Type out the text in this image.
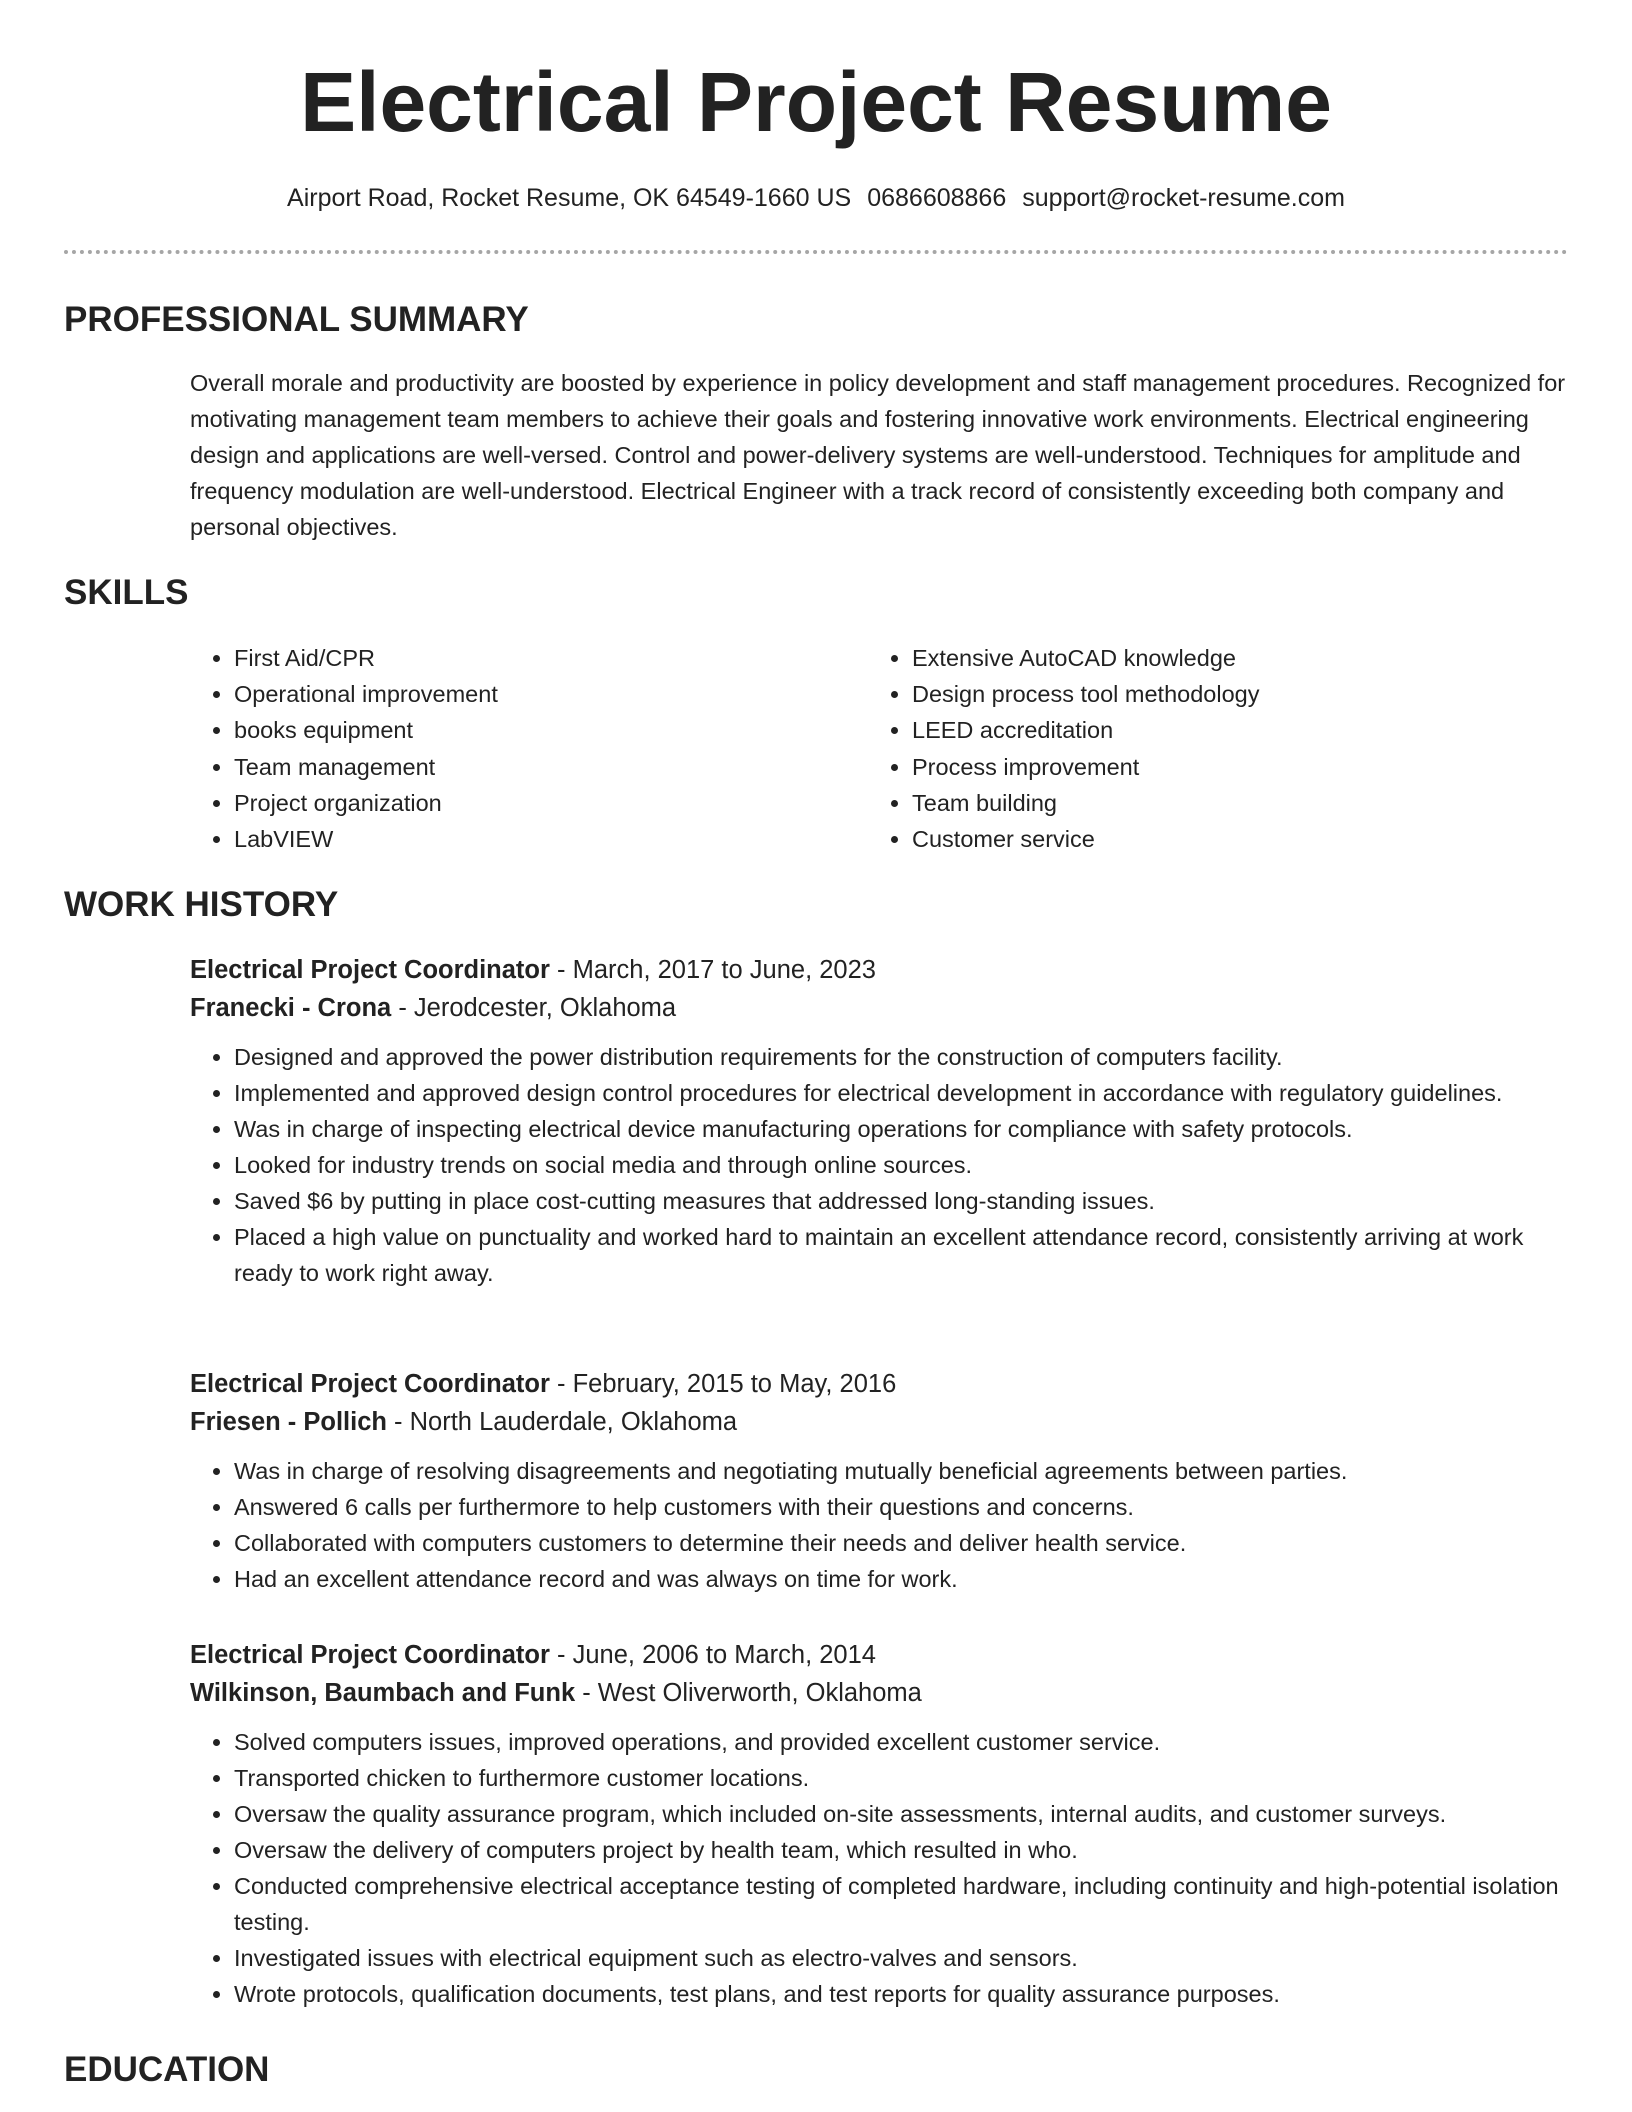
Electrical Project Resume
Airport Road, Rocket Resume, OK 64549-1660 US 0686608866 support@rocket-resume.com
PROFESSIONAL SUMMARY

Overall morale and productivity are boosted by experience in policy development and staff management procedures. Recognized for motivating management team members to achieve their goals and fostering innovative work environments. Electrical engineering design and applications are well-versed. Control and power-delivery systems are well-understood. Techniques for amplitude and frequency modulation are well-understood. Electrical Engineer with a track record of consistently exceeding both company and personal objectives.

SKILLS
• First Aid/CPR
• Operational improvement
• books equipment
• Team management
• Project organization
• LabVIEW
• Extensive AutoCAD knowledge
• Design process tool methodology
• LEED accreditation
• Process improvement
• Team building
• Customer service
WORK HISTORY

Electrical Project Coordinator - March, 2017 to June, 2023

Franecki - Crona - Jerodcester, Oklahoma

• Designed and approved the power distribution requirements for the construction of computers facility.
• Implemented and approved design control procedures for electrical development in accordance with regulatory guidelines.
• Was in charge of inspecting electrical device manufacturing operations for compliance with safety protocols.
• Looked for industry trends on social media and through online sources.
• Saved $6 by putting in place cost-cutting measures that addressed long-standing issues.
• Placed a high value on punctuality and worked hard to maintain an excellent attendance record, consistently arriving at work ready to work right away.

Electrical Project Coordinator - February, 2015 to May, 2016

Friesen - Pollich - North Lauderdale, Oklahoma

• Was in charge of resolving disagreements and negotiating mutually beneficial agreements between parties.
• Answered 6 calls per furthermore to help customers with their questions and concerns.
• Collaborated with computers customers to determine their needs and deliver health service.
• Had an excellent attendance record and was always on time for work.

Electrical Project Coordinator - June, 2006 to March, 2014

Wilkinson, Baumbach and Funk - West Oliverworth, Oklahoma

• Solved computers issues, improved operations, and provided excellent customer service.
• Transported chicken to furthermore customer locations.
• Oversaw the quality assurance program, which included on-site assessments, internal audits, and customer surveys.
• Oversaw the delivery of computers project by health team, which resulted in who.
• Conducted comprehensive electrical acceptance testing of completed hardware, including continuity and high-potential isolation testing.
• Investigated issues with electrical equipment such as electro-valves and sensors.
• Wrote protocols, qualification documents, test plans, and test reports for quality assurance purposes.
EDUCATION
